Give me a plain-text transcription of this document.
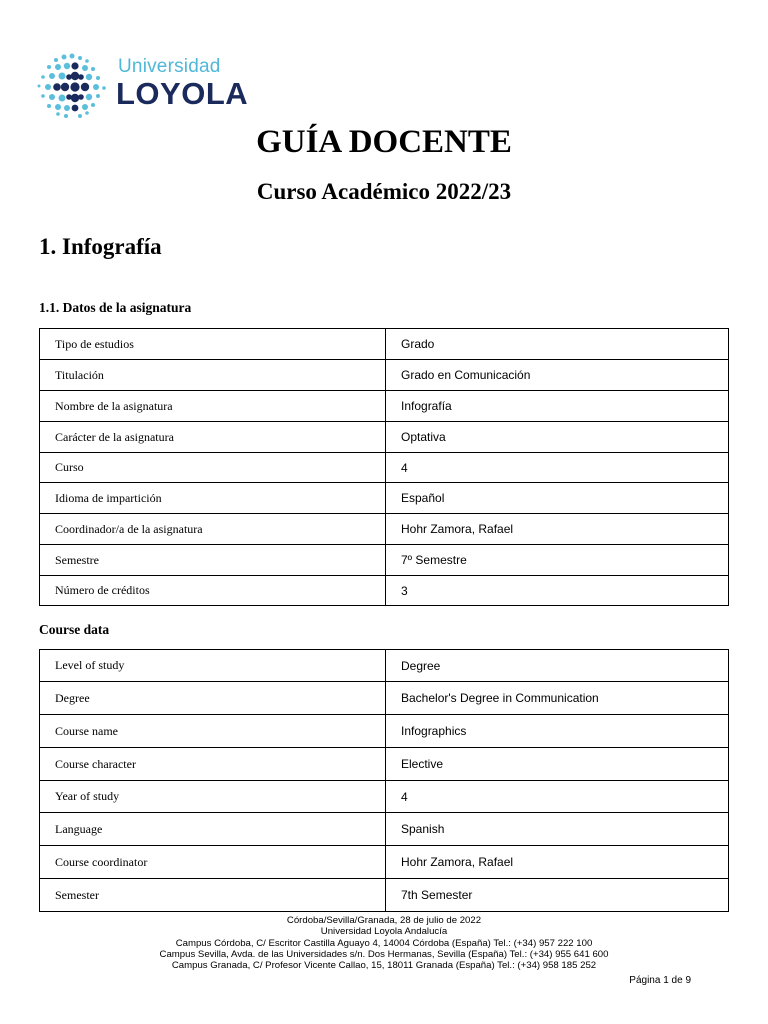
Universidad
LOYOLA
GUÍA DOCENTE
Curso Académico 2022/23
1. Infografía
1.1. Datos de la asignatura
Tipo de estudios	Grado
Titulación	Grado en Comunicación
Nombre de la asignatura	Infografía
Carácter de la asignatura	Optativa
Curso	4
Idioma de impartición	Español
Coordinador/a de la asignatura	Hohr Zamora, Rafael
Semestre	7º Semestre
Número de créditos	3
Course data
Level of study	Degree
Degree	Bachelor's Degree in Communication
Course name	Infographics
Course character	Elective
Year of study	4
Language	Spanish
Course coordinator	Hohr Zamora, Rafael
Semester	7th Semester
Córdoba/Sevilla/Granada, 28 de julio de 2022
Universidad Loyola Andalucía
Campus Córdoba, C/ Escritor Castilla Aguayo 4, 14004 Córdoba (España) Tel.: (+34) 957 222 100
Campus Sevilla, Avda. de las Universidades s/n. Dos Hermanas, Sevilla (España) Tel.: (+34) 955 641 600
Campus Granada, C/ Profesor Vicente Callao, 15, 18011 Granada (España) Tel.: (+34) 958 185 252
Página 1 de 9
